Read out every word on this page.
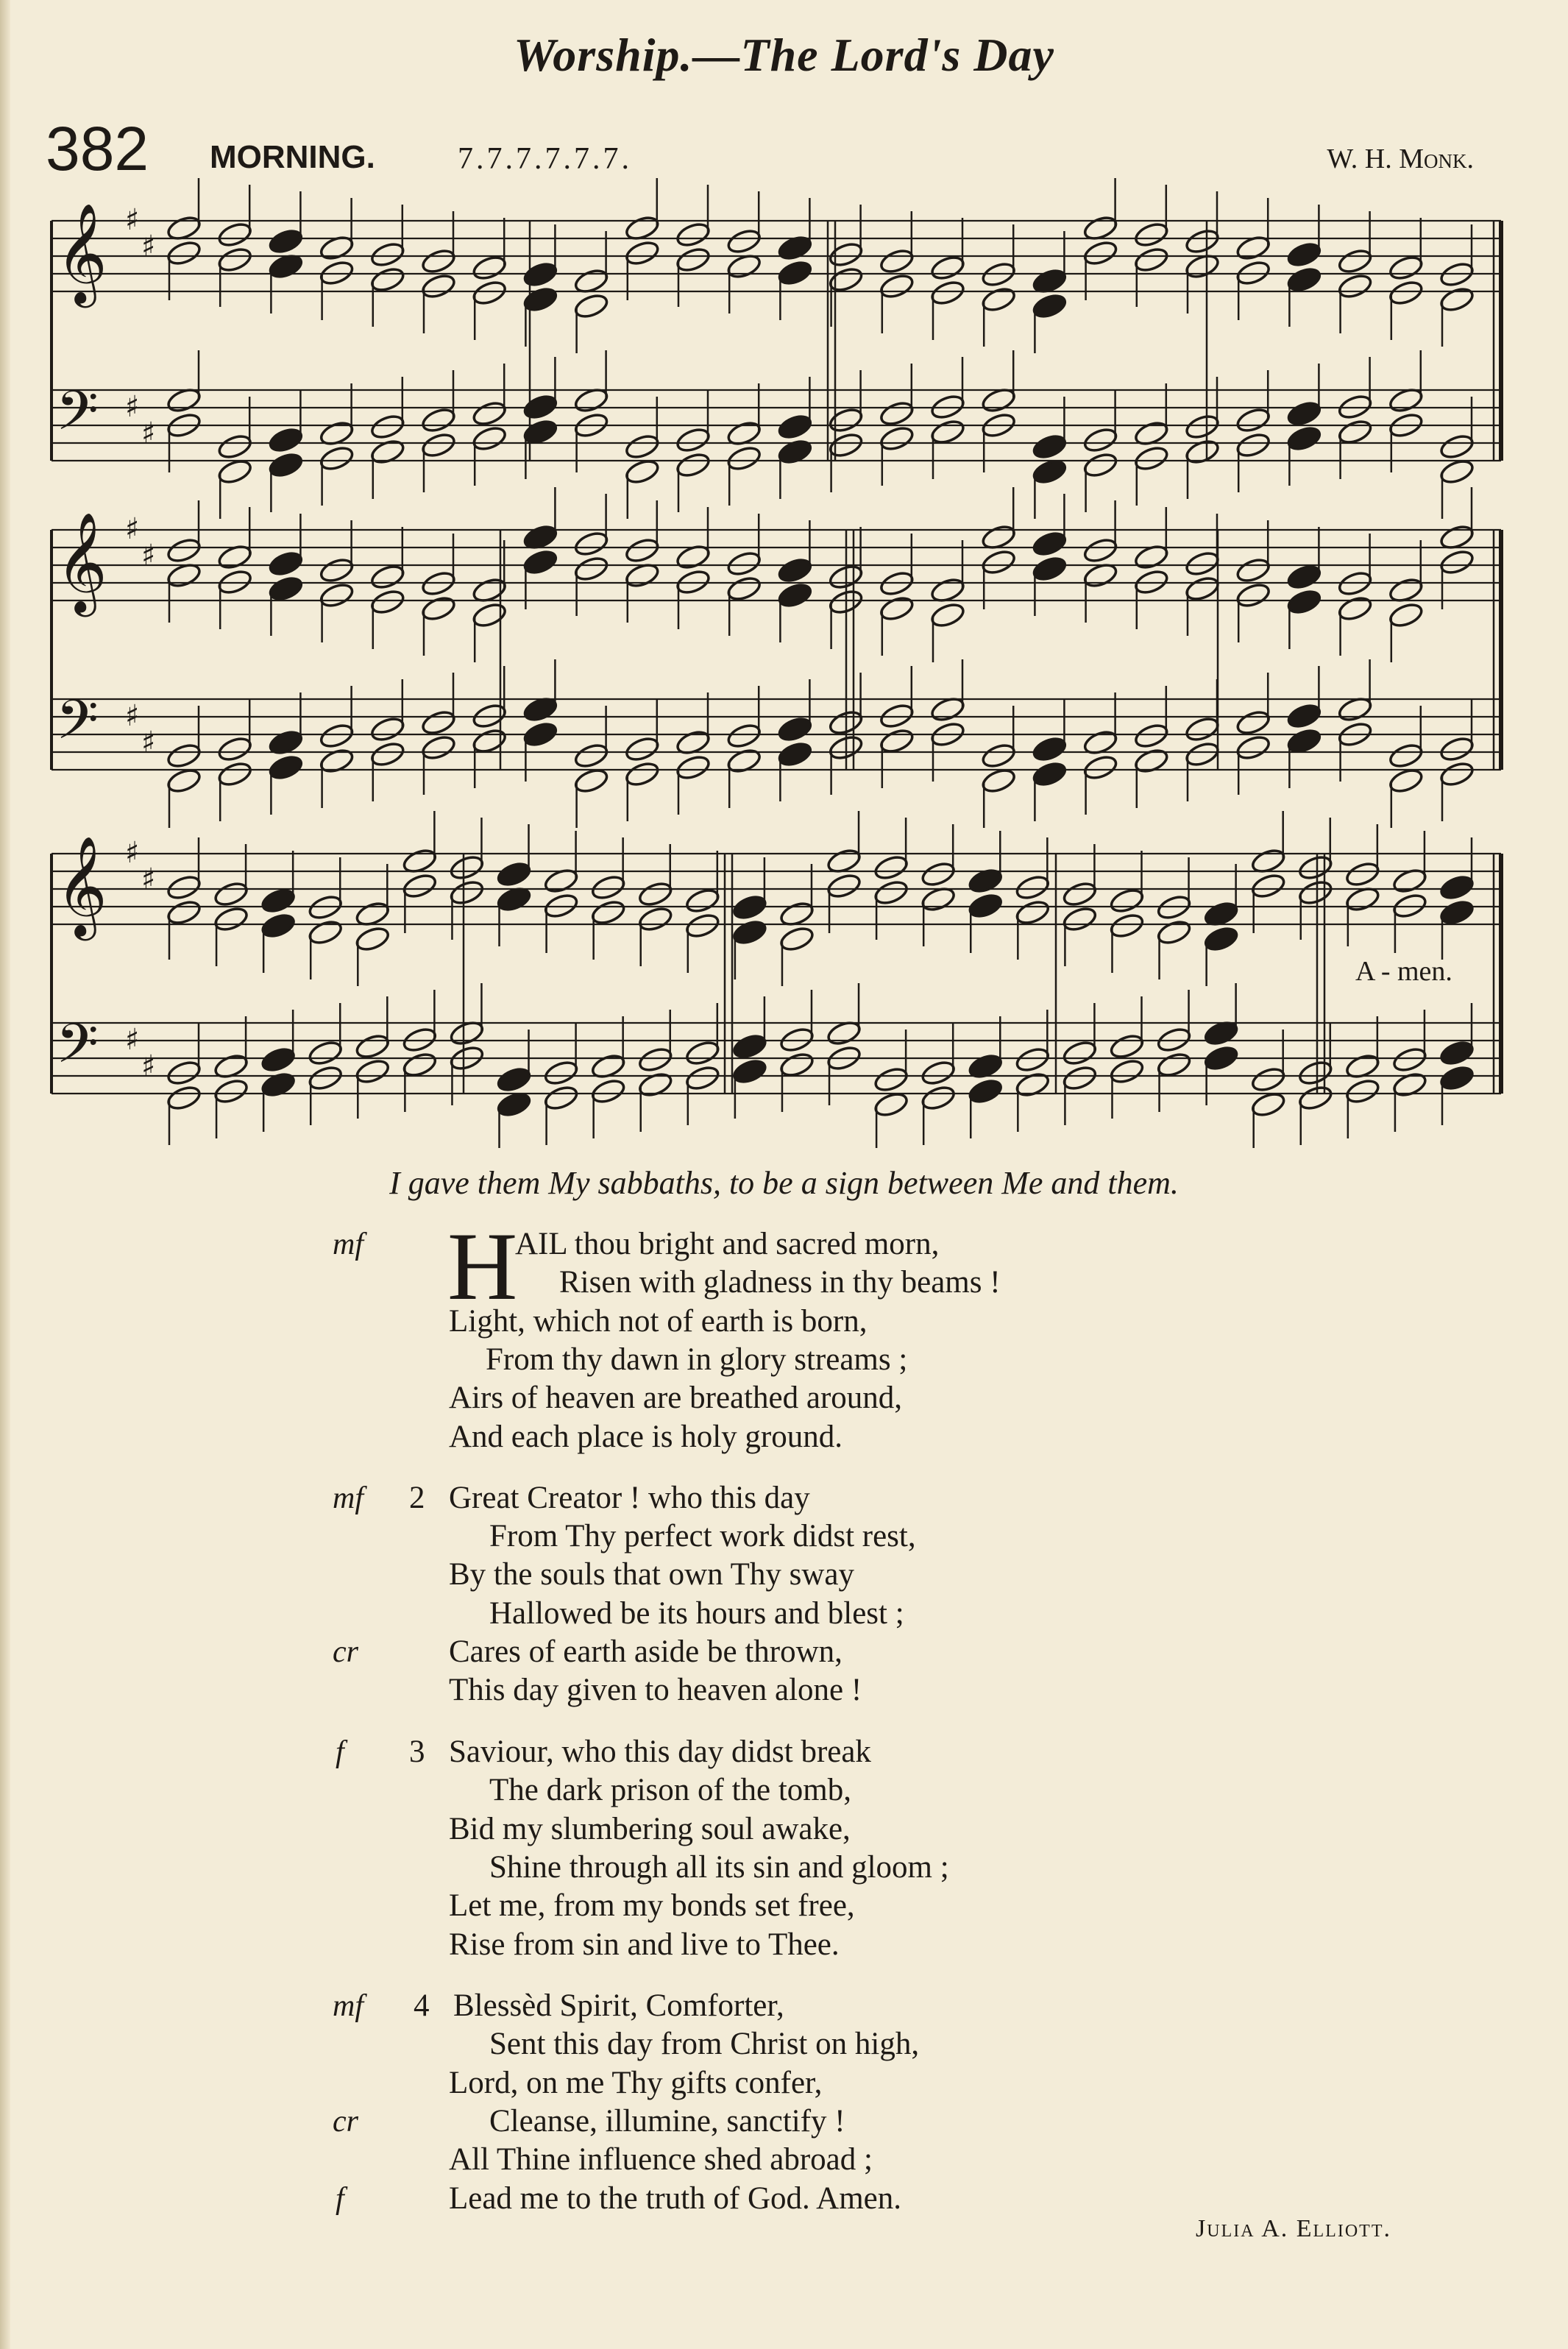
Worship.—The Lord's Day
382 MORNING.	7.7.7.7.7.7.	W. H. Monk.
𝄞 ♯
♯
𝄢 ♯
♯
𝄞 ♯
♯
𝄢 ♯
♯
𝄞 ♯
♯
𝄢 ♯
♯
A - men.
I gave them My sabbaths, to be a sign between Me and them.
H
mf	AIL thou bright and sacred morn,
Risen with gladness in thy beams !
Light, which not of earth is born,
From thy dawn in glory streams ;
Airs of heaven are breathed around,
And each place is holy ground.
mf 2 Great Creator ! who this day
From Thy perfect work didst rest,
By the souls that own Thy sway
Hallowed be its hours and blest ;
cr	Cares of earth aside be thrown,
This day given to heaven alone !
f 3 Saviour, who this day didst break
The dark prison of the tomb,
Bid my slumbering soul awake,
Shine through all its sin and gloom ;
Let me, from my bonds set free,
Rise from sin and live to Thee.
mf 4 Blessèd Spirit, Comforter,
Sent this day from Christ on high,
Lord, on me Thy gifts confer,
cr	Cleanse, illumine, sanctify !
All Thine influence shed abroad ;
f	Lead me to the truth of God. Amen.
Julia A. Elliott.
